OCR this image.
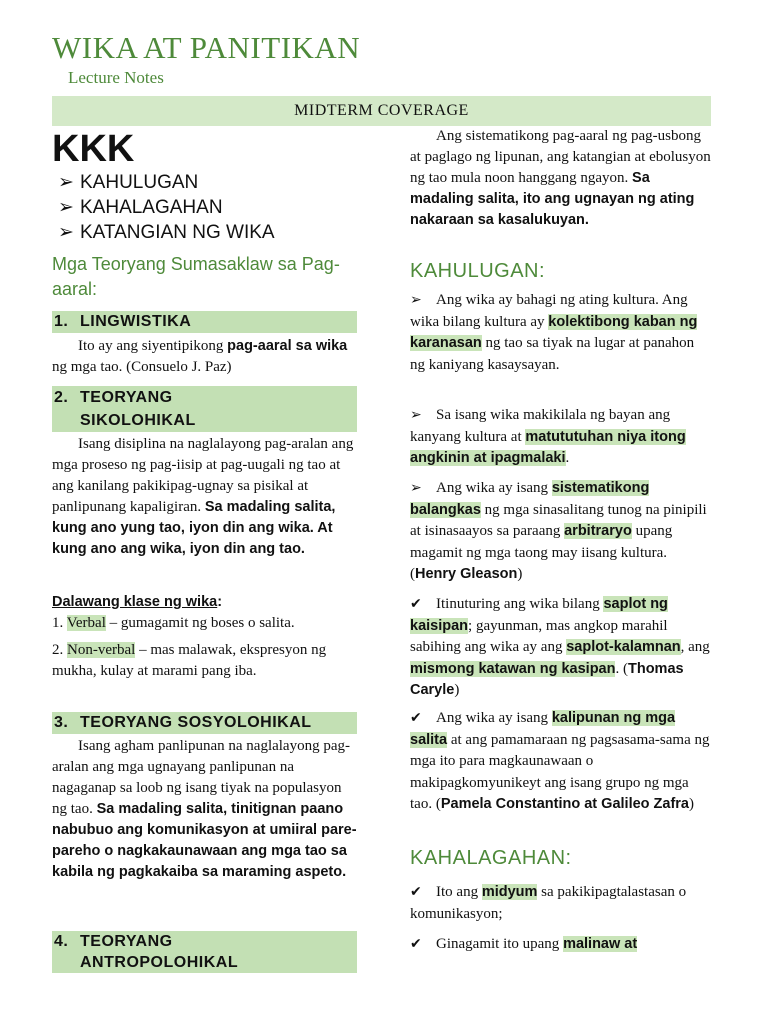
WIKA AT PANITIKAN
Lecture Notes
MIDTERM COVERAGE
KKK
➢ KAHULUGAN
➢ KAHALAGAHAN
➢ KATANGIAN NG WIKA
Mga Teoryang Sumasaklaw sa Pag-aaral:
1. LINGWISTIKA
Ito ay ang siyentipikong pag-aaral sa wika ng mga tao. (Consuelo J. Paz)
2. TEORYANG
SIKOLOHIKAL
Isang disiplina na naglalayong pag-aralan ang mga proseso ng pag-iisip at pag-uugali ng tao at ang kanilang pakikipag-ugnay sa pisikal at panlipunang kapaligiran. Sa madaling salita, kung ano yung tao, iyon din ang wika. At kung ano ang wika, iyon din ang tao.
Dalawang klase ng wika:
1. Verbal – gumagamit ng boses o salita.
2. Non-verbal – mas malawak, ekspresyon ng mukha, kulay at marami pang iba.
3. TEORYANG SOSYOLOHIKAL
Isang agham panlipunan na naglalayong pag-aralan ang mga ugnayang panlipunan na nagaganap sa loob ng isang tiyak na populasyon ng tao. Sa madaling salita, tinitignan paano nabubuo ang komunikasyon at umiiral pare-pareho o nagkakaunawaan ang mga tao sa kabila ng pagkakaiba sa maraming aspeto.
4. TEORYANG
ANTROPOLOHIKAL
Ang sistematikong pag-aaral ng pag-usbong at paglago ng lipunan, ang katangian at ebolusyon ng tao mula noon hanggang ngayon. Sa madaling salita, ito ang ugnayan ng ating nakaraan sa kasalukuyan.
KAHULUGAN:
➢ Ang wika ay bahagi ng ating kultura. Ang wika bilang kultura ay kolektibong kaban ng karanasan ng tao sa tiyak na lugar at panahon ng kaniyang kasaysayan.
➢ Sa isang wika makikilala ng bayan ang kanyang kultura at matututuhan niya itong angkinin at ipagmalaki.
➢ Ang wika ay isang sistematikong balangkas ng mga sinasalitang tunog na pinipili at isinasaayos sa paraang arbitraryo upang magamit ng mga taong may iisang kultura. (Henry Gleason)
✔ Itinuturing ang wika bilang saplot ng kaisipan; gayunman, mas angkop marahil sabihing ang wika ay ang saplot-kalamnan, ang mismong katawan ng kasipan. (Thomas Caryle)
✔ Ang wika ay isang kalipunan ng mga salita at ang pamamaraan ng pagsasama-sama ng mga ito para magkaunawaan o makipagkomyunikeyt ang isang grupo ng mga tao. (Pamela Constantino at Galileo Zafra)
KAHALAGAHAN:
✔ Ito ang midyum sa pakikipagtalastasan o komunikasyon;
✔ Ginagamit ito upang malinaw at
